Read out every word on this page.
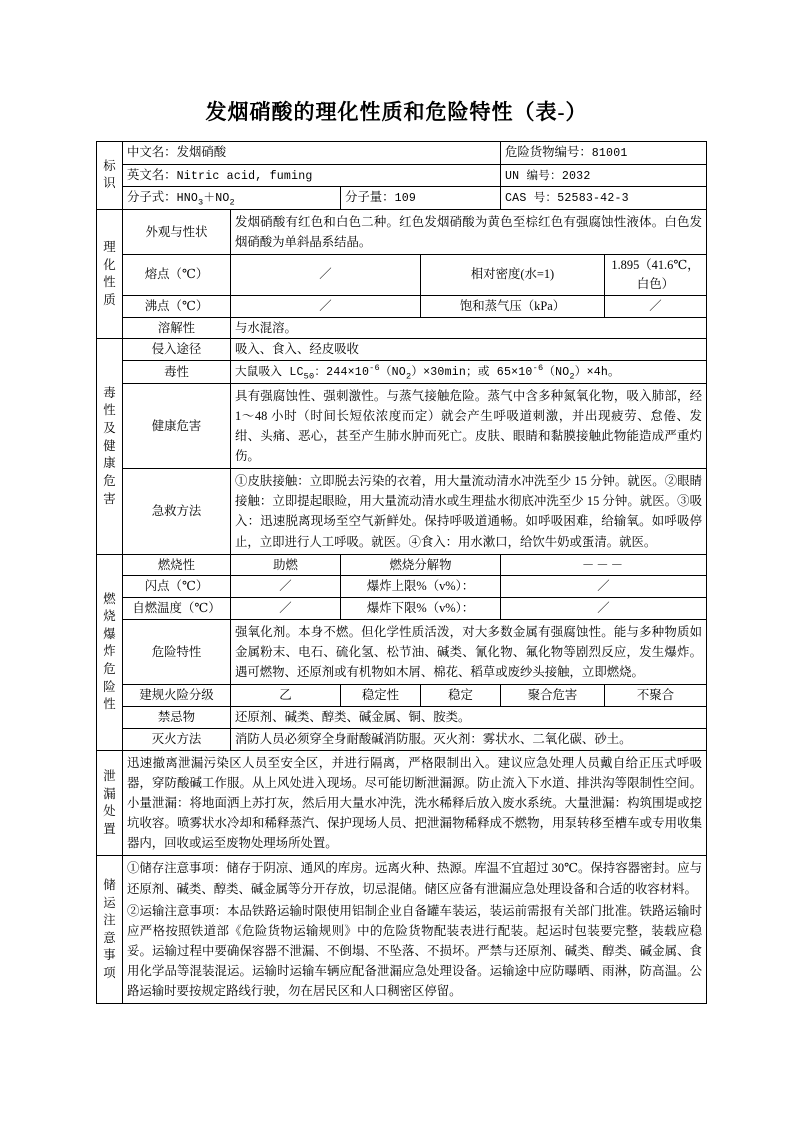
发烟硝酸的理化性质和危险特性（表-）
标识	中文名：发烟硝酸				危险货物编号：81001	
	英文名：Nitric acid, fuming				UN 编号：2032	
	分子式：$HNO_3+NO_2$		分子量：109		CAS 号：52583-42-3	

理化性质	外观与性状	发烟硝酸有红色和白色二种。红色发烟硝酸为黄色至棕红色有强腐蚀性液体。白色发烟硝酸为单斜晶系结晶。				

	熔点（℃）	／		相对密度(水=1)		1.895（41.6℃，白色）
	沸点（℃）	／		饱和蒸气压（kPa）		／
	溶解性	与水混溶。				

毒性及健康危害	侵入途径	吸入、食入、经皮吸收				
	毒性	大鼠吸入 $LC_{50}$：$244\times 10^{-6}(NO_2)\times 30\min$；或 $65\times 10^{-6}(NO_2)\times 4h$。				
	健康危害	具有强腐蚀性、强刺激性。与蒸气接触危险。蒸气中含多种氮氧化物，吸入肺部，经 1～48 小时（时间长短依浓度而定）就会产生呼吸道刺激，并出现疲劳、怠倦、发绀、头痛、恶心，甚至产生肺水肿而死亡。皮肤、眼睛和黏膜接触此物能造成严重灼伤。				

	急救方法	①皮肤接触：立即脱去污染的衣着，用大量流动清水冲洗至少 15 分钟。就医。②眼睛接触：立即提起眼睑，用大量流动清水或生理盐水彻底冲洗至少 15 分钟。就医。③吸入：迅速脱离现场至空气新鲜处。保持呼吸道通畅。如呼吸困难，给输氧。如呼吸停止，立即进行人工呼吸。就医。④食入：用水漱口，给饮牛奶或蛋清。就医。				

燃烧爆炸危险性	燃烧性	助燃	燃烧分解物		－－－	
	闪点（℃）	／	爆炸上限%（v%）：		／	
	自燃温度（℃）	／	爆炸下限%（v%）：		／	
	危险特性	强氧化剂。本身不燃。但化学性质活泼，对大多数金属有强腐蚀性。能与多种物质如金属粉末、电石、硫化氢、松节油、碱类、氰化物、氟化物等剧烈反应，发生爆炸。遇可燃物、还原剂或有机物如木屑、棉花、稻草或废纱头接触，立即燃烧。				

	建规火险分级	乙	稳定性	稳定	聚合危害	不聚合
	禁忌物	还原剂、碱类、醇类、碱金属、铜、胺类。				
	灭火方法	消防人员必须穿全身耐酸碱消防服。灭火剂：雾状水、二氧化碳、砂土。				

泄漏处置	迅速撤离泄漏污染区人员至安全区，并进行隔离，严格限制出入。建议应急处理人员戴自给正压式呼吸器，穿防酸碱工作服。从上风处进入现场。尽可能切断泄漏源。防止流入下水道、排洪沟等限制性空间。小量泄漏：将地面洒上苏打灰，然后用大量水冲洗，洗水稀释后放入废水系统。大量泄漏：构筑围堤或挖坑收容。喷雾状水冷却和稀释蒸汽、保护现场人员、把泄漏物稀释成不燃物，用泵转移至槽车或专用收集器内，回收或运至废物处理场所处置。					

储运注意事项	①储存注意事项：储存于阴凉、通风的库房。远离火种、热源。库温不宜超过 30℃。保持容器密封。应与还原剂、碱类、醇类、碱金属等分开存放，切忌混储。储区应备有泄漏应急处理设备和合适的收容材料。

②运输注意事项：本品铁路运输时限使用铝制企业自备罐车装运，装运前需报有关部门批准。铁路运输时应严格按照铁道部《危险货物运输规则》中的危险货物配装表进行配装。起运时包装要完整，装载应稳妥。运输过程中要确保容器不泄漏、不倒塌、不坠落、不损坏。严禁与还原剂、碱类、醇类、碱金属、食用化学品等混装混运。运输时运输车辆应配备泄漏应急处理设备。运输途中应防曝晒、雨淋，防高温。公路运输时要按规定路线行驶，勿在居民区和人口稠密区停留。					
